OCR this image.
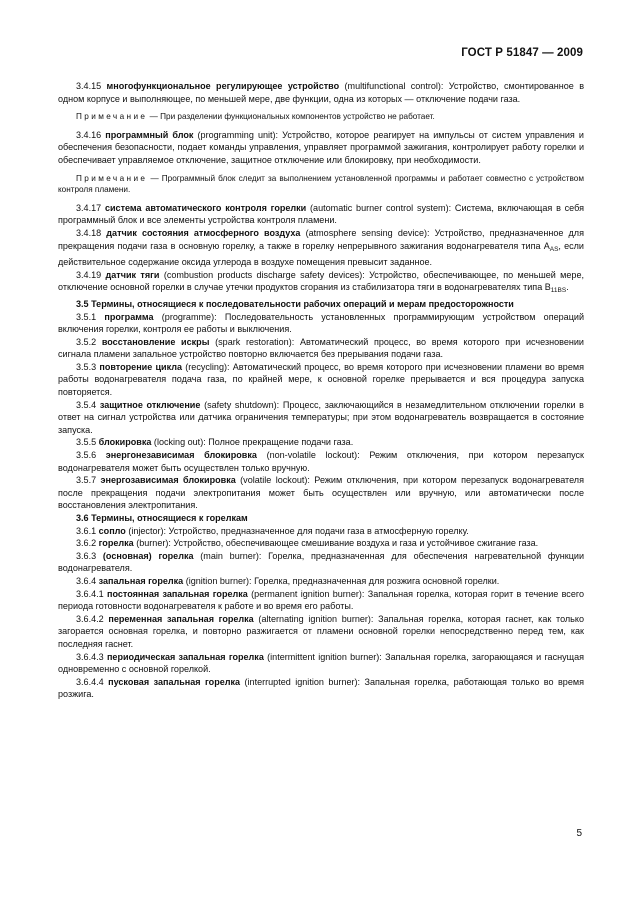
ГОСТ Р 51847 — 2009

3.4.15 многофункциональное регулирующее устройство (multifunctional control): Устройство, смонтированное в одном корпусе и выполняющее, по меньшей мере, две функции, одна из которых — отключение подачи газа.

Примечание — При разделении функциональных компонентов устройство не работает.

3.4.16 программный блок (programming unit): Устройство, которое реагирует на импульсы от систем управления и обеспечения безопасности, подает команды управления, управляет программой зажигания, контролирует работу горелки и обеспечивает управляемое отключение, защитное отключение или блокировку, при необходимости.

Примечание — Программный блок следит за выполнением установленной программы и работает совместно с устройством контроля пламени.

3.4.17 система автоматического контроля горелки (automatic burner control system): Система, включающая в себя программный блок и все элементы устройства контроля пламени.

3.4.18 датчик состояния атмосферного воздуха (atmosphere sensing device): Устройство, предназначенное для прекращения подачи газа в основную горелку, а также в горелку непрерывного зажигания водонагревателя типа $A_{AS}$, если действительное содержание оксида углерода в воздухе помещения превысит заданное.

3.4.19 датчик тяги (combustion products discharge safety devices): Устройство, обеспечивающее, по меньшей мере, отключение основной горелки в случае утечки продуктов сгорания из стабилизатора тяги в водонагревателях типа $B_{11BS}$.

3.5 Термины, относящиеся к последовательности рабочих операций и мерам предосторожности

3.5.1 программа (programme): Последовательность установленных программирующим устройством операций включения горелки, контроля ее работы и выключения.

3.5.2 восстановление искры (spark restoration): Автоматический процесс, во время которого при исчезновении сигнала пламени запальное устройство повторно включается без прерывания подачи газа.

3.5.3 повторение цикла (recycling): Автоматический процесс, во время которого при исчезновении пламени во время работы водонагревателя подача газа, по крайней мере, к основной горелке прерывается и вся процедура запуска повторяется.

3.5.4 защитное отключение (safety shutdown): Процесс, заключающийся в незамедлительном отключении горелки в ответ на сигнал устройства или датчика ограничения температуры; при этом водонагреватель возвращается в состояние запуска.

3.5.5 блокировка (locking out): Полное прекращение подачи газа.

3.5.6 энергонезависимая блокировка (non-volatile lockout): Режим отключения, при котором перезапуск водонагревателя может быть осуществлен только вручную.

3.5.7 энергозависимая блокировка (volatile lockout): Режим отключения, при котором перезапуск водонагревателя после прекращения подачи электропитания может быть осуществлен или вручную, или автоматически после восстановления электропитания.

3.6 Термины, относящиеся к горелкам

3.6.1 сопло (injector): Устройство, предназначенное для подачи газа в атмосферную горелку.

3.6.2 горелка (burner): Устройство, обеспечивающее смешивание воздуха и газа и устойчивое сжигание газа.

3.6.3 (основная) горелка (main burner): Горелка, предназначенная для обеспечения нагревательной функции водонагревателя.

3.6.4 запальная горелка (ignition burner): Горелка, предназначенная для розжига основной горелки.

3.6.4.1 постоянная запальная горелка (permanent ignition burner): Запальная горелка, которая горит в течение всего периода готовности водонагревателя к работе и во время его работы.

3.6.4.2 переменная запальная горелка (alternating ignition burner): Запальная горелка, которая гаснет, как только загорается основная горелка, и повторно разжигается от пламени основной горелки непосредственно перед тем, как последняя гаснет.

3.6.4.3 периодическая запальная горелка (intermittent ignition burner): Запальная горелка, загорающаяся и гаснущая одновременно с основной горелкой.

3.6.4.4 пусковая запальная горелка (interrupted ignition burner): Запальная горелка, работающая только во время розжига.

5
